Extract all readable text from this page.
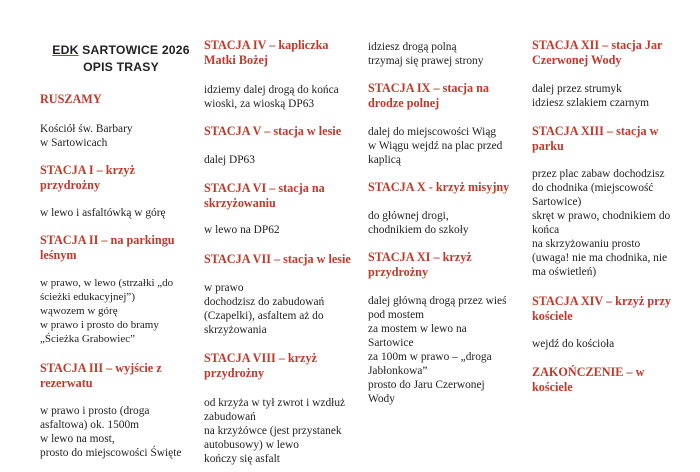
EDK SARTOWICE 2026
OPIS TRASY
RUSZAMY
Kościół św. Barbary
w Sartowicach
STACJA I – krzyż
przydrożny
w lewo i asfaltówką w górę
STACJA II – na parkingu
leśnym
w prawo, w lewo (strzałki „do
ścieżki edukacyjnej”)
wąwozem w górę
w prawo i prosto do bramy
„Ścieżka Grabowiec”
STACJA III – wyjście z
rezerwatu
w prawo i prosto (droga
asfaltowa) ok. 1500m
w lewo na most,
prosto do miejscowości Święte
STACJA IV – kapliczka
Matki Bożej
idziemy dalej drogą do końca
wioski, za wioską DP63
STACJA V – stacja w lesie
dalej DP63
STACJA VI – stacja na
skrzyżowaniu
w lewo na DP62
STACJA VII – stacja w lesie
w prawo
dochodzisz do zabudowań
(Czapelki), asfaltem aż do
skrzyżowania
STACJA VIII – krzyż
przydrożny
od krzyża w tył zwrot i wzdłuż
zabudowań
na krzyżówce (jest przystanek
autobusowy) w lewo
kończy się asfalt
idziesz drogą polną
trzymaj się prawej strony
STACJA IX – stacja na
drodze polnej
dalej do miejscowości Wiąg
w Wiągu wejdź na plac przed
kaplicą
STACJA X - krzyż misyjny
do głównej drogi,
chodnikiem do szkoły
STACJA XI – krzyż
przydrożny
dalej główną drogą przez wieś
pod mostem
za mostem w lewo na
Sartowice
za 100m w prawo – „droga
Jabłonkowa”
prosto do Jaru Czerwonej
Wody
STACJA XII – stacja Jar
Czerwonej Wody
dalej przez strumyk
idziesz szlakiem czarnym
STACJA XIII – stacja w
parku
przez plac zabaw dochodzisz
do chodnika (miejscowość
Sartowice)
skręt w prawo, chodnikiem do
końca
na skrzyżowaniu prosto
(uwaga! nie ma chodnika, nie
ma oświetleń)
STACJA XIV – krzyż przy
kościele
wejdź do kościoła
ZAKOŃCZENIE – w
kościele
